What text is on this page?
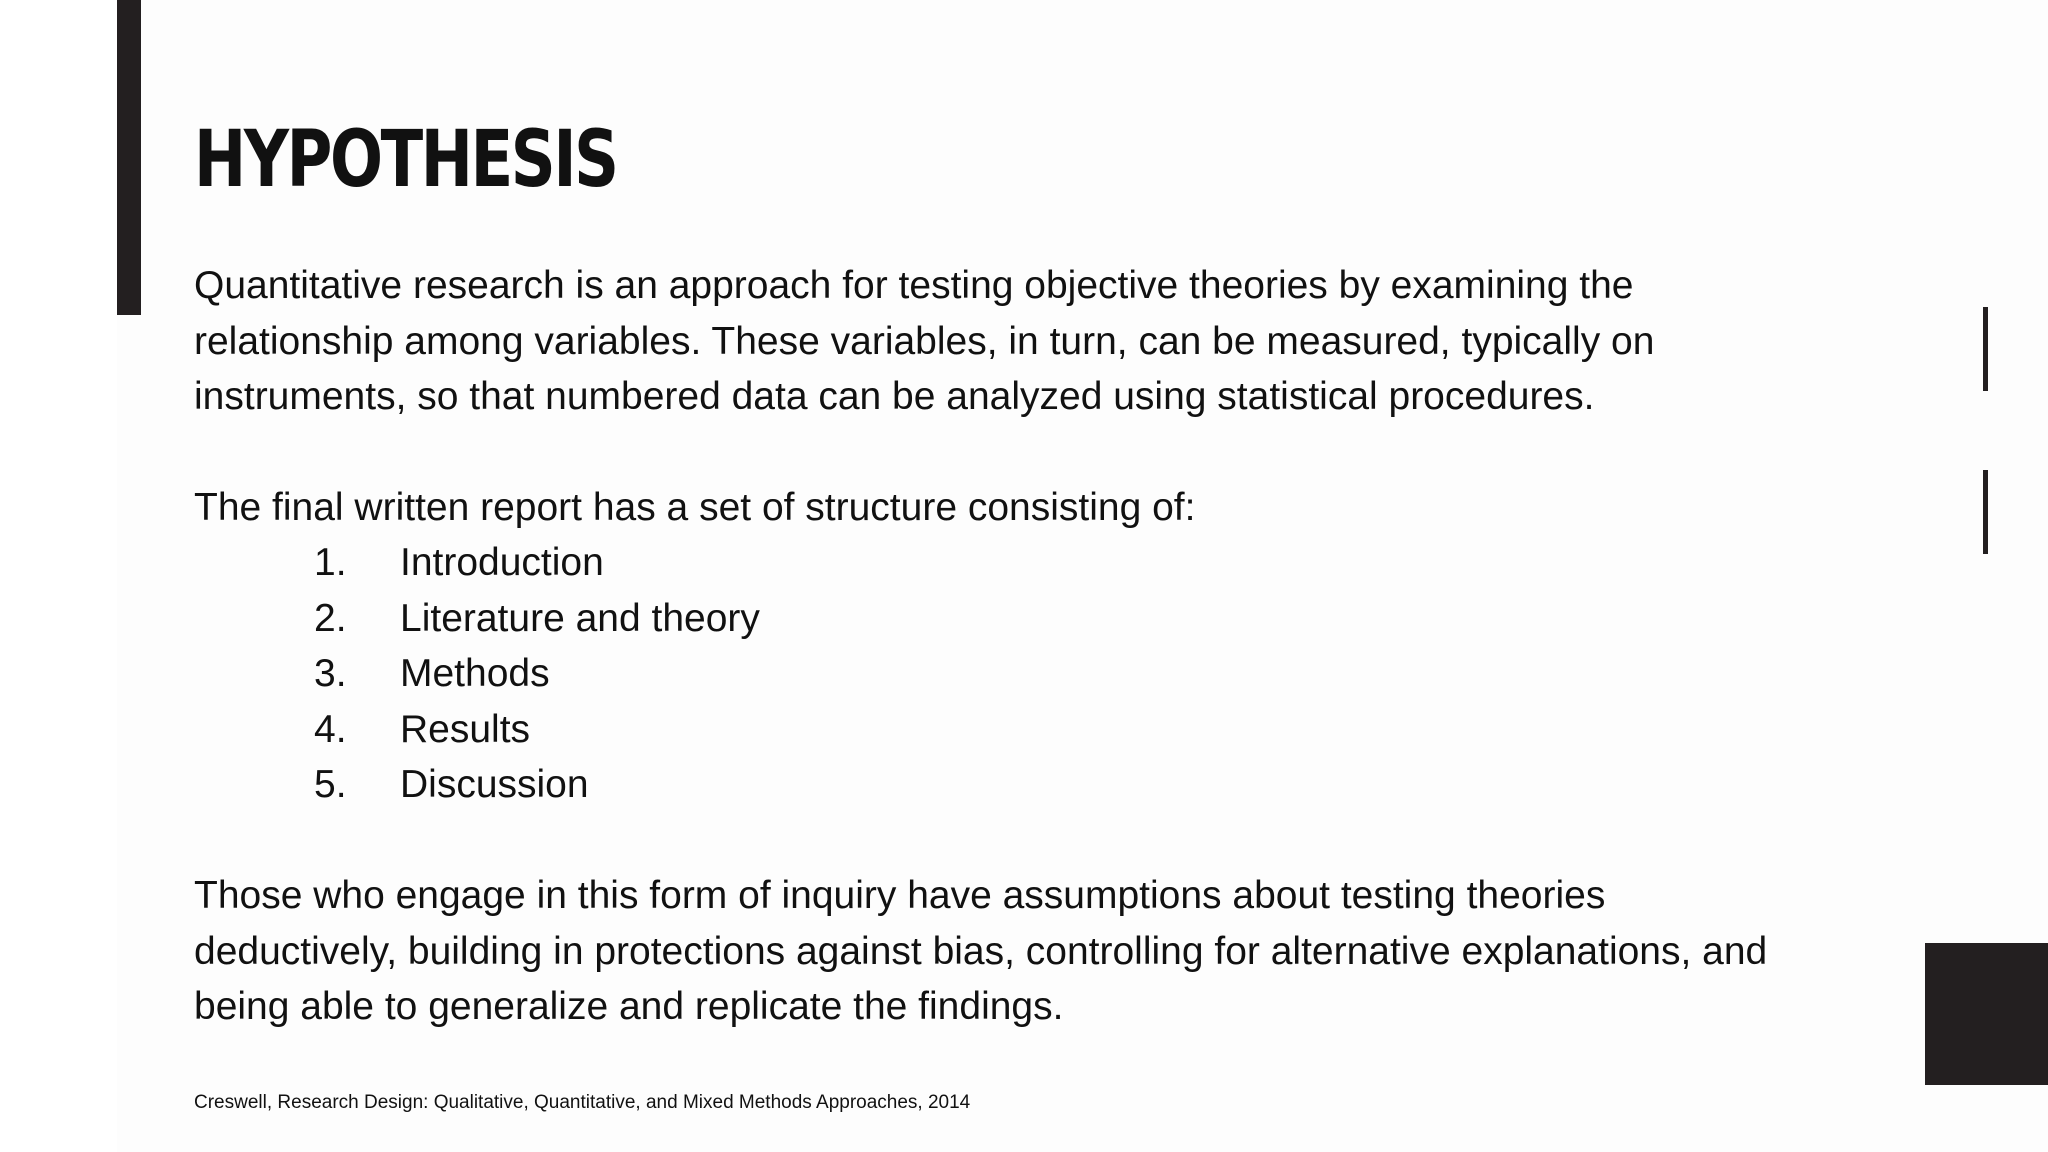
HYPOTHESIS

Quantitative research is an approach for testing objective theories by examining the relationship among variables. These variables, in turn, can be measured, typically on instruments, so that numbered data can be analyzed using statistical procedures.

The final written report has a set of structure consisting of:

1.	Introduction
2.	Literature and theory
3.	Methods
4.	Results
5.	Discussion

Those who engage in this form of inquiry have assumptions about testing theories deductively, building in protections against bias, controlling for alternative explanations, and being able to generalize and replicate the findings.

Creswell, Research Design: Qualitative, Quantitative, and Mixed Methods Approaches, 2014
